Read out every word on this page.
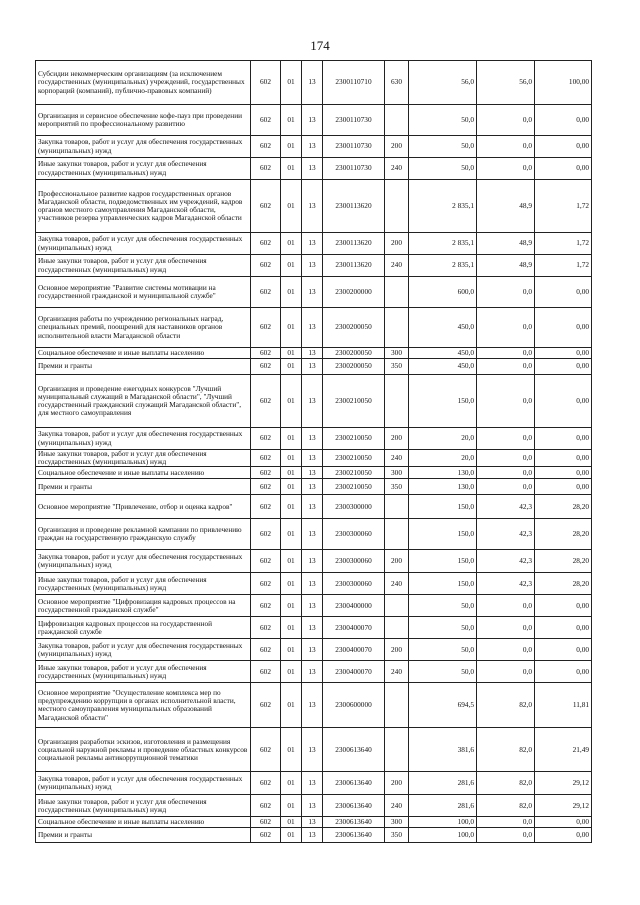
174
Субсидии некоммерческим организациям (за исключением государственных (муниципальных) учреждений, государственных корпораций (компаний), публично-правовых компаний)	602	01	13	2300110710	630	56,0	56,0	100,00
Организация и сервисное обеспечение кофе-пауз при проведении мероприятий по профессиональному развитию	602	01	13	2300110730		50,0	0,0	0,00
Закупка товаров, работ и услуг для обеспечения государственных (муниципальных) нужд	602	01	13	2300110730	200	50,0	0,0	0,00
Иные закупки товаров, работ и услуг для обеспечения государственных (муниципальных) нужд	602	01	13	2300110730	240	50,0	0,0	0,00
Профессиональное развитие кадров государственных органов Магаданской области, подведомственных им учреждений, кадров органов местного самоуправления Магаданской области, участников резерва управленческих кадров Магаданской области	602	01	13	2300113620		2 835,1	48,9	1,72
Закупка товаров, работ и услуг для обеспечения государственных (муниципальных) нужд	602	01	13	2300113620	200	2 835,1	48,9	1,72
Иные закупки товаров, работ и услуг для обеспечения государственных (муниципальных) нужд	602	01	13	2300113620	240	2 835,1	48,9	1,72
Основное мероприятие "Развитие системы мотивации на государственной гражданской и муниципальной службе"	602	01	13	2300200000		600,0	0,0	0,00
Организация работы по учреждению региональных наград, специальных премий, поощрений для наставников органов исполнительной власти Магаданской области	602	01	13	2300200050		450,0	0,0	0,00
Социальное обеспечение и иные выплаты населению	602	01	13	2300200050	300	450,0	0,0	0,00
Премии и гранты	602	01	13	2300200050	350	450,0	0,0	0,00
Организация и проведение ежегодных конкурсов "Лучший муниципальный служащий в Магаданской области", "Лучший государственный гражданский служащий Магаданской области", для местного самоуправления	602	01	13	2300210050		150,0	0,0	0,00
Закупка товаров, работ и услуг для обеспечения государственных (муниципальных) нужд	602	01	13	2300210050	200	20,0	0,0	0,00
Иные закупки товаров, работ и услуг для обеспечения государственных (муниципальных) нужд	602	01	13	2300210050	240	20,0	0,0	0,00
Социальное обеспечение и иные выплаты населению	602	01	13	2300210050	300	130,0	0,0	0,00
Премии и гранты	602	01	13	2300210050	350	130,0	0,0	0,00
Основное мероприятие "Привлечение, отбор и оценка кадров"	602	01	13	2300300000		150,0	42,3	28,20
Организация и проведение рекламной кампании по привлечению граждан на государственную гражданскую службу	602	01	13	2300300060		150,0	42,3	28,20
Закупка товаров, работ и услуг для обеспечения государственных (муниципальных) нужд	602	01	13	2300300060	200	150,0	42,3	28,20
Иные закупки товаров, работ и услуг для обеспечения государственных (муниципальных) нужд	602	01	13	2300300060	240	150,0	42,3	28,20
Основное мероприятие "Цифровизация кадровых процессов на государственной гражданской службе"	602	01	13	2300400000		50,0	0,0	0,00
Цифровизация кадровых процессов на государственной гражданской службе	602	01	13	2300400070		50,0	0,0	0,00
Закупка товаров, работ и услуг для обеспечения государственных (муниципальных) нужд	602	01	13	2300400070	200	50,0	0,0	0,00
Иные закупки товаров, работ и услуг для обеспечения государственных (муниципальных) нужд	602	01	13	2300400070	240	50,0	0,0	0,00
Основное мероприятие "Осуществление комплекса мер по предупреждению коррупции в органах исполнительной власти, местного самоуправления муниципальных образований Магаданской области"	602	01	13	2300600000		694,5	82,0	11,81
Организация разработки эскизов, изготовления и размещения социальной наружной рекламы и проведение областных конкурсов социальной рекламы антикоррупционной тематики	602	01	13	2300613640		381,6	82,0	21,49
Закупка товаров, работ и услуг для обеспечения государственных (муниципальных) нужд	602	01	13	2300613640	200	281,6	82,0	29,12
Иные закупки товаров, работ и услуг для обеспечения государственных (муниципальных) нужд	602	01	13	2300613640	240	281,6	82,0	29,12
Социальное обеспечение и иные выплаты населению	602	01	13	2300613640	300	100,0	0,0	0,00
Премии и гранты	602	01	13	2300613640	350	100,0	0,0	0,00
